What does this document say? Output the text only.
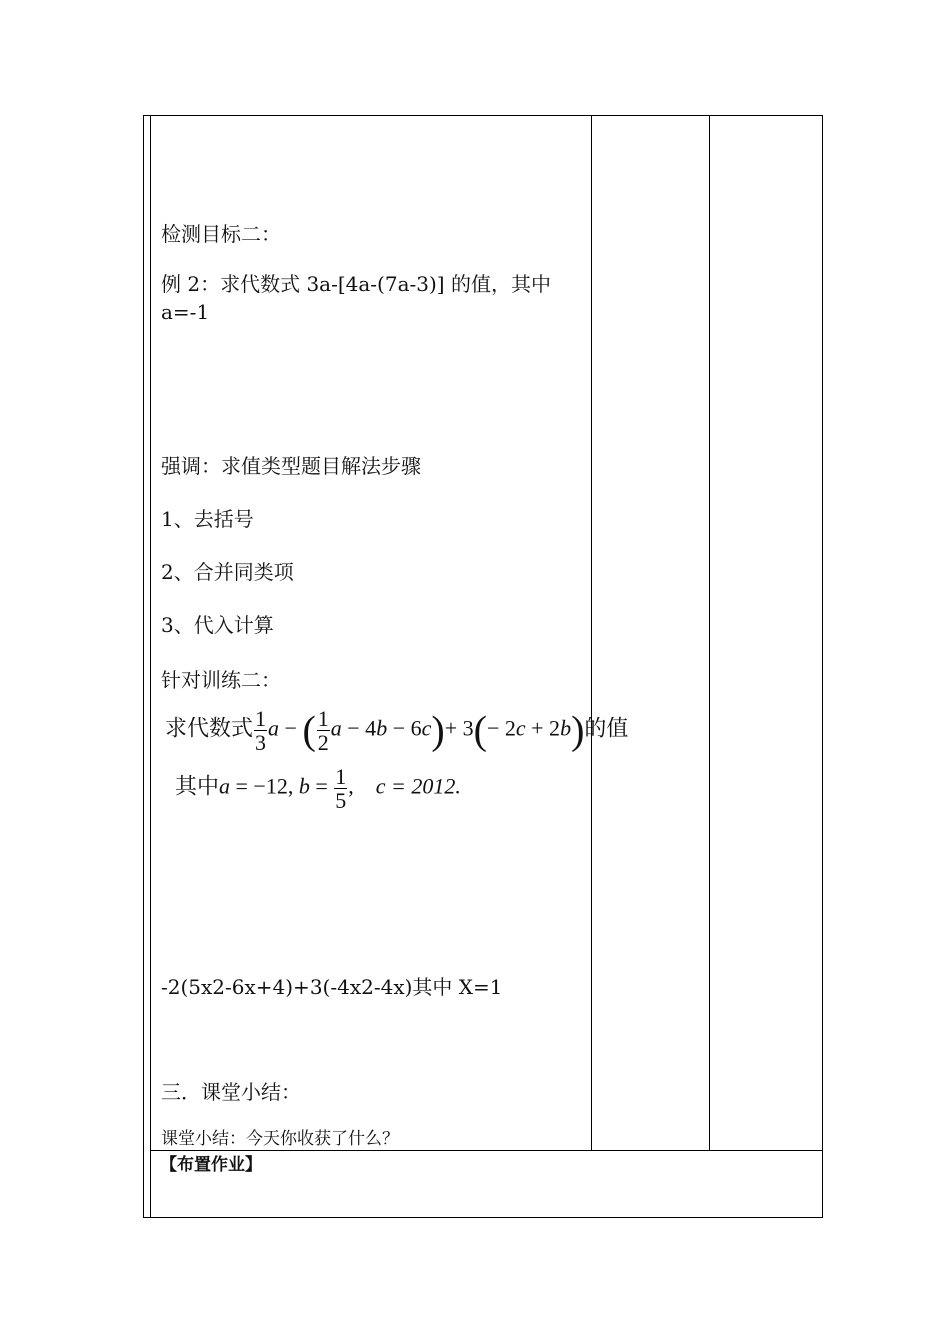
检测目标二：
例 2：求代数式 3a-[4a-(7a-3)] 的值，其中
a=-1
强调：求值类型题目解法步骤
1、去括号
2、合并同类项
3、代入计算
针对训练二：
求代数式 $\frac{1}{3}$ a − ( $\frac{1}{2}$ a − 4b − 6c)+ 3(− 2c + 2b)的值
其中a = −12, $b = \frac{1}{5}$ ,    c = 2012.
-2(5x2-6x+4)+3(-4x2-4x)其中 X=1
三．课堂小结：
课堂小结：今天你收获了什么？
【布置作业】
